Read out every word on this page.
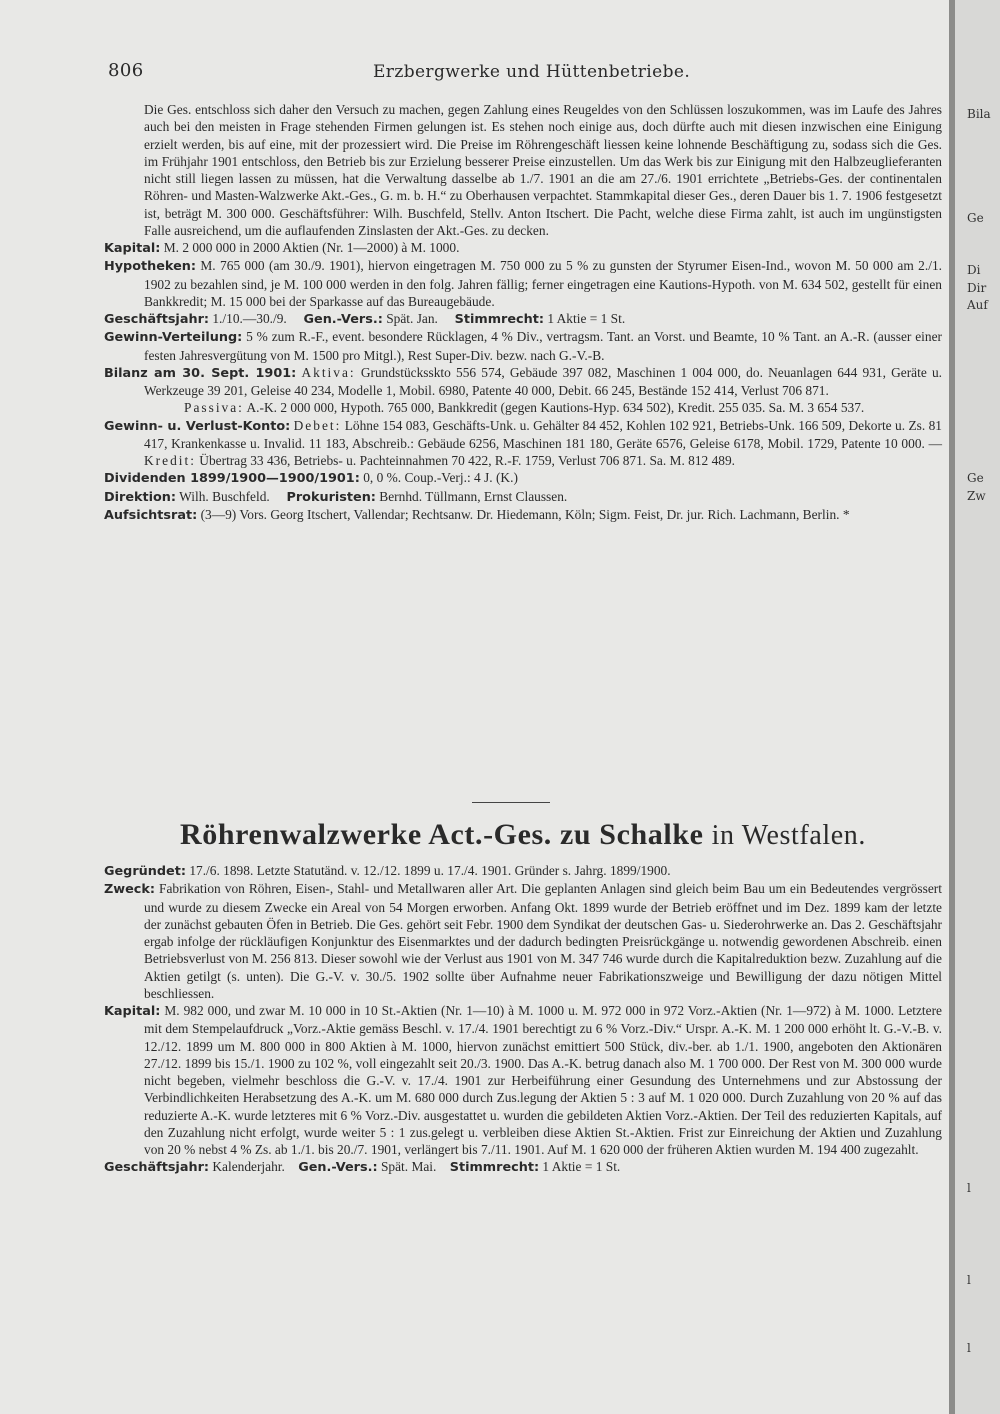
Bila
Ge
Di
Dir
Auf
Ge
Zw
l
l
l
806	Erzbergwerke und Hüttenbetriebe.

Die Ges. entschloss sich daher den Versuch zu machen, gegen Zahlung eines Reugeldes von den Schlüssen loszukommen, was im Laufe des Jahres auch bei den meisten in Frage stehenden Firmen gelungen ist. Es stehen noch einige aus, doch dürfte auch mit diesen inzwischen eine Einigung erzielt werden, bis auf eine, mit der prozessiert wird. Die Preise im Röhrengeschäft liessen keine lohnende Beschäftigung zu, sodass sich die Ges. im Frühjahr 1901 entschloss, den Betrieb bis zur Erzielung besserer Preise einzustellen. Um das Werk bis zur Einigung mit den Halbzeuglieferanten nicht still liegen lassen zu müssen, hat die Verwaltung dasselbe ab 1./7. 1901 an die am 27./6. 1901 errichtete „Betriebs-Ges. der continentalen Röhren- und Masten-Walzwerke Akt.-Ges., G. m. b. H.“ zu Oberhausen verpachtet. Stammkapital dieser Ges., deren Dauer bis 1. 7. 1906 festgesetzt ist, beträgt M. 300 000. Geschäftsführer: Wilh. Buschfeld, Stellv. Anton Itschert. Die Pacht, welche diese Firma zahlt, ist auch im ungünstigsten Falle ausreichend, um die auflaufenden Zinslasten der Akt.-Ges. zu decken.

Kapital: M. 2 000 000 in 2000 Aktien (Nr. 1—2000) à M. 1000.

Hypotheken: M. 765 000 (am 30./9. 1901), hiervon eingetragen M. 750 000 zu 5 % zu gunsten der Styrumer Eisen-Ind., wovon M. 50 000 am 2./1. 1902 zu bezahlen sind, je M. 100 000 werden in den folg. Jahren fällig; ferner eingetragen eine Kautions-Hypoth. von M. 634 502, gestellt für einen Bankkredit; M. 15 000 bei der Sparkasse auf das Bureaugebäude.

Geschäftsjahr: 1./10.—30./9. Gen.-Vers.: Spät. Jan. Stimmrecht: 1 Aktie = 1 St.

Gewinn-Verteilung: 5 % zum R.-F., event. besondere Rücklagen, 4 % Div., vertragsm. Tant. an Vorst. und Beamte, 10 % Tant. an A.-R. (ausser einer festen Jahresvergütung von M. 1500 pro Mitgl.), Rest Super-Div. bezw. nach G.-V.-B.

Bilanz am 30. Sept. 1901: Aktiva: Grundstücksskto 556 574, Gebäude 397 082, Maschinen 1 004 000, do. Neuanlagen 644 931, Geräte u. Werkzeuge 39 201, Geleise 40 234, Modelle 1, Mobil. 6980, Patente 40 000, Debit. 66 245, Bestände 152 414, Verlust 706 871.

Passiva: A.-K. 2 000 000, Hypoth. 765 000, Bankkredit (gegen Kautions-Hyp. 634 502), Kredit. 255 035. Sa. M. 3 654 537.

Gewinn- u. Verlust-Konto: Debet: Löhne 154 083, Geschäfts-Unk. u. Gehälter 84 452, Kohlen 102 921, Betriebs-Unk. 166 509, Dekorte u. Zs. 81 417, Krankenkasse u. Invalid. 11 183, Abschreib.: Gebäude 6256, Maschinen 181 180, Geräte 6576, Geleise 6178, Mobil. 1729, Patente 10 000. — Kredit: Übertrag 33 436, Betriebs- u. Pachteinnahmen 70 422, R.-F. 1759, Verlust 706 871. Sa. M. 812 489.

Dividenden 1899/1900—1900/1901: 0, 0 %. Coup.-Verj.: 4 J. (K.)

Direktion: Wilh. Buschfeld. Prokuristen: Bernhd. Tüllmann, Ernst Claussen.

Aufsichtsrat: (3—9) Vors. Georg Itschert, Vallendar; Rechtsanw. Dr. Hiedemann, Köln; Sigm. Feist, Dr. jur. Rich. Lachmann, Berlin. *

Röhrenwalzwerke Act.-Ges. zu Schalke in Westfalen.

Gegründet: 17./6. 1898. Letzte Statutänd. v. 12./12. 1899 u. 17./4. 1901. Gründer s. Jahrg. 1899/1900.

Zweck: Fabrikation von Röhren, Eisen-, Stahl- und Metallwaren aller Art. Die geplanten Anlagen sind gleich beim Bau um ein Bedeutendes vergrössert und wurde zu diesem Zwecke ein Areal von 54 Morgen erworben. Anfang Okt. 1899 wurde der Betrieb eröffnet und im Dez. 1899 kam der letzte der zunächst gebauten Öfen in Betrieb. Die Ges. gehört seit Febr. 1900 dem Syndikat der deutschen Gas- u. Siederohrwerke an. Das 2. Geschäftsjahr ergab infolge der rückläufigen Konjunktur des Eisenmarktes und der dadurch bedingten Preisrückgänge u. notwendig gewordenen Abschreib. einen Betriebsverlust von M. 256 813. Dieser sowohl wie der Verlust aus 1901 von M. 347 746 wurde durch die Kapitalreduktion bezw. Zuzahlung auf die Aktien getilgt (s. unten). Die G.-V. v. 30./5. 1902 sollte über Aufnahme neuer Fabrikationszweige und Bewilligung der dazu nötigen Mittel beschliessen.

Kapital: M. 982 000, und zwar M. 10 000 in 10 St.-Aktien (Nr. 1—10) à M. 1000 u. M. 972 000 in 972 Vorz.-Aktien (Nr. 1—972) à M. 1000. Letztere mit dem Stempelaufdruck „Vorz.-Aktie gemäss Beschl. v. 17./4. 1901 berechtigt zu 6 % Vorz.-Div.“ Urspr. A.-K. M. 1 200 000 erhöht lt. G.-V.-B. v. 12./12. 1899 um M. 800 000 in 800 Aktien à M. 1000, hiervon zunächst emittiert 500 Stück, div.-ber. ab 1./1. 1900, angeboten den Aktionären 27./12. 1899 bis 15./1. 1900 zu 102 %, voll eingezahlt seit 20./3. 1900. Das A.-K. betrug danach also M. 1 700 000. Der Rest von M. 300 000 wurde nicht begeben, vielmehr beschloss die G.-V. v. 17./4. 1901 zur Herbeiführung einer Gesundung des Unternehmens und zur Abstossung der Verbindlichkeiten Herabsetzung des A.-K. um M. 680 000 durch Zus.legung der Aktien 5 : 3 auf M. 1 020 000. Durch Zuzahlung von 20 % auf das reduzierte A.-K. wurde letzteres mit 6 % Vorz.-Div. ausgestattet u. wurden die gebildeten Aktien Vorz.-Aktien. Der Teil des reduzierten Kapitals, auf den Zuzahlung nicht erfolgt, wurde weiter 5 : 1 zus.gelegt u. verbleiben diese Aktien St.-Aktien. Frist zur Einreichung der Aktien und Zuzahlung von 20 % nebst 4 % Zs. ab 1./1. bis 20./7. 1901, verlängert bis 7./11. 1901. Auf M. 1 620 000 der früheren Aktien wurden M. 194 400 zugezahlt.

Geschäftsjahr: Kalenderjahr. Gen.-Vers.: Spät. Mai. Stimmrecht: 1 Aktie = 1 St.
